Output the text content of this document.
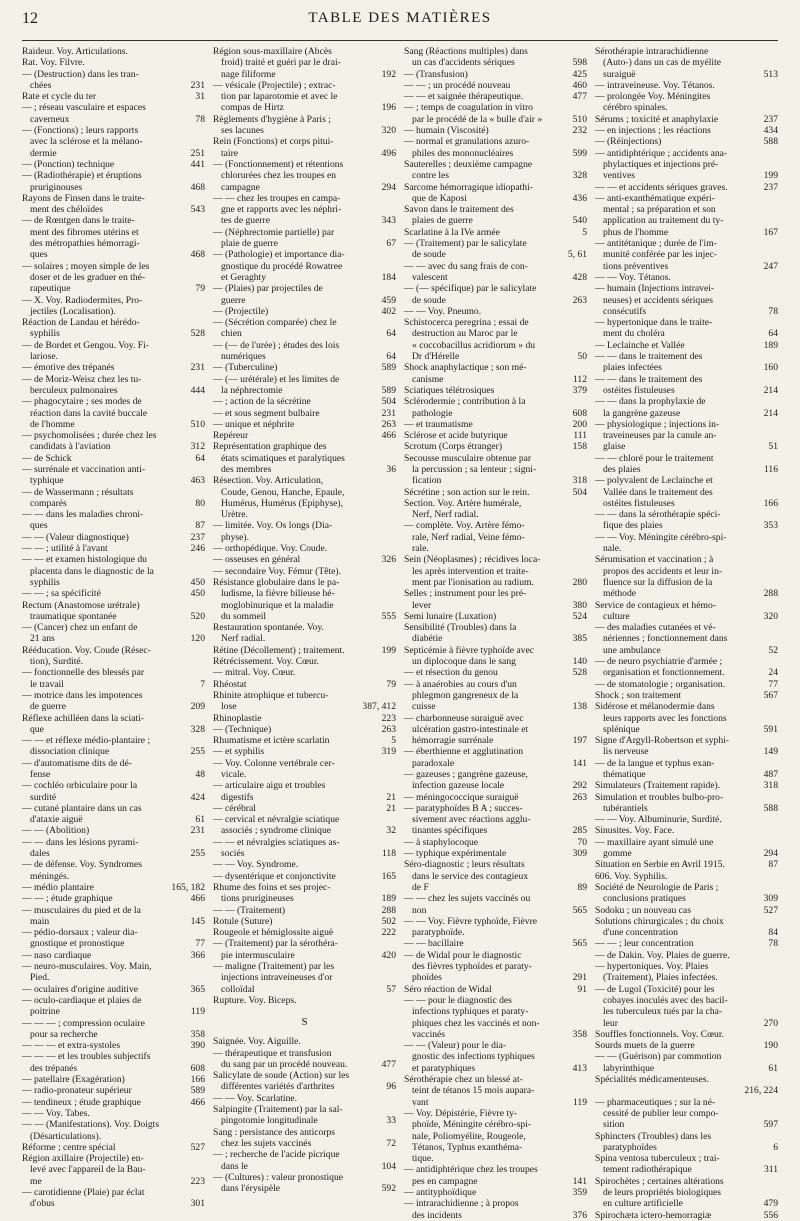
12	TABLE DES MATIÈRES
Raideur. Voy. Articulations.
Rat. Voy. Filvre.
— (Destruction) dans les tran-
chées	231
Rate et cycle du ter	31
— ; réseau vasculaire et espaces
caverneux	78
— (Fonctions) ; leurs rapports
avec la sclérose et la mélano-
dermie	251
— (Ponction) technique	441
— (Radiothérapie) et éruptions
pruriginouses	468
Rayons de Finsen dans le traite-
ment des chéloïdes	543
— de Rœntgen dans le traite-
ment des fibromes utérins et
des métropathies hémorragi-
ques	468
— solaires ; moyen simple de les
doser et de les graduer en thé-
rapeutique	79
— X. Voy. Radiodermites, Pro-
jectiles (Localisation).
Réaction de Landau et hérédo-
syphilis	528
— de Bordet et Gengou. Voy. Fi-
lariose.
— émotive des trépanés	231
— de Moriz-Weisz chez les tu-
berculeux pulmonaires	444
— phagocytaire ; ses modes de
réaction dans la cavité buccale
de l'homme	510
— psychomolisées ; durée chez les
candidats à l'aviation	312
— de Schick	64
— surrénale et vaccination anti-
typhique	463
— de Wassermann ; résultats
comparés	80
— — dans les maladies chroni-
ques	87
— — (Valeur diagnostique)	237
— — ; utilité à l'avant	246
— — et examen histologique du
placenta dans le diagnostic de la
syphilis	450
— — ; sa spécificité	450
Rectum (Anastomose urétrale)
traumatique spontanée	520
— (Cancer) chez un enfant de
21 ans	120
Rééducation. Voy. Coude (Résec-
tion), Surdité.
— fonctionnelle des blessés par
le travail	7
— motrice dans les impotences
de guerre	209
Réflexe achilléen dans la sciati-
que	328
— — et réflexe médio-plantaire ;
dissociation clinique	255
— d'automatisme dits de dé-
fense	48
— cochléo orbiculaire pour la
surdité	424
— cutané plantaire dans un cas
d'ataxie aiguë	61
— — (Abolition)	231
— — dans les lésions pyrami-
dales	255
— de défense. Voy. Syndromes
méningés.
— médio plantaire	165, 182
— — ; étude graphique	466
— musculaires du pied et de la
main	145
— pédio-dorsaux ; valeur dia-
gnostique et pronostique	77
— naso cardiaque	366
— neuro-musculaires. Voy. Main,
Pied.
— oculaires d'origine auditive	365
— oculo-cardiaque et plaies de
poitrine	119
— — — ; compression oculaire
pour sa recherche	358
— — — et extra-systoles	390
— — — et les troubles subjectifs
des trépanés	608
— patellaire (Exagération)	166
— radio-pronateur supérieur	589
— tendineux ; étude graphique	466
— — Voy. Tabes.
— — (Manifestations). Voy. Doigts
(Désarticulations).
Réforme ; centre spécial	527
Région axillaire (Projectile) en-
levé avec l'appareil de la Bau-
me	223
— carotidienne (Plaie) par éclat
d'obus	301
Région sous-maxillaire (Abcès
froid) traité et guéri par le drai-
nage filiforme	192
— vésicale (Projectile) ; extrac-
tion par laparotomie et avec le
compas de Hirtz	196
Règlements d'hygiène à Paris ;
ses lacunes	320
Rein (Fonctions) et corps pitui-
taire	496
— (Fonctionnement) et rétentions
chlorurées chez les troupes en
campagne	294
— — chez les troupes en campa-
gne et rapports avec les néphri-
tes de guerre	343
— (Néphrectomie partielle) par
plaie de guerre	67
— (Pathologie) et importance dia-
gnostique du procédé Rowatree
et Geraghty	184
— (Plaies) par projectiles de
guerre	459
— (Projectile)	402
— (Sécrétion comparée) chez le
chien	64
— (— de l'urée) ; études des lois
numériques	64
— (Tuberculine)	589
— (— urétérale) et les limites de
la néphrectomie	589
— ; action de la sécrétine	504
— et sous segment bulbaire	231
— unique et néphrite	263
Repéreur	466
Représentation graphique des
états scimatiques et paralytiques
des membres	36
Résection. Voy. Articulation,
Coude, Genou, Hanche, Epaule,
Humérus, Humérus (Epiphyse),
Urètre.
— limitée. Voy. Os longs (Dia-
physe).
— orthopédique. Voy. Coude.
— osseuses en général	326
— secondaire Voy. Fémur (Tête).
Résistance globulaire dans le pa-
ludisme, la fièvre bilieuse hé-
moglobinurique et la maladie
du sommeil	555
Restauration spontanée. Voy.
Nerf radial.
Rétine (Décollement) ; traitement.	199
Rétrécissement. Voy. Cœur.
— mitral. Voy. Cœur.
Rhéostat	79
Rhinite atrophique et tubercu-
lose	387, 412
Rhinoplastie	223
— (Technique)	263
Rhumatisme et ictère scarlatin	5
— et syphilis	319
— Voy. Colonne vertébrale cer-
vicale.
— articulaire aigu et troubles
digestifs	21
— cérébral	21
— cervical et névralgie sciatique
associés ; syndrome clinique	32
— — et névralgies sciatiques as-
sociés	118
— — Voy. Syndrome.
— dysentérique et conjonctivite	165
Rhume des foins et ses projec-
tions prurigineuses	189
— — (Traitement)	288
Rotule (Suture)	502
Rougeole et hémiglossite aiguë	222
— (Traitement) par la sérothéra-
pie intermusculaire	420
— maligne (Traitement) par les
injections intraveineuses d'or
colloïdal	57
Rupture. Voy. Biceps.
S
Saignée. Voy. Aiguille.
— thérapeutique et transfusion
du sang par un procédé nouveau.	477
Salicylate de soude (Action) sur les
différentes variétés d'arthrites	96
— — Voy. Scarlatine.
Salpingite (Traitement) par la sal-
pingotomie longitudinale	33
Sang : persistance des anticorps
chez les sujets vaccinés	72
— ; recherche de l'acide picrique
dans le	104
— (Cultures) : valeur pronostique
dans l'érysipèle	592
Sang (Réactions multiples) dans
un cas d'accidents sériques	598
— (Transfusion)	425
— — ; un procédé nouveau	460
— — et saignée thérapeutique.	477
— ; temps de coagulation in vitro
par le procédé de la « bulle d'air »	510
— humain (Viscosité)	232
— normal et granulations azuro-
philes des mononucléaires	599
Sauterelles ; deuxième campagne
contre les	328
Sarcome hémorragique idiopathi-
que de Kaposi	436
Savon dans le traitement des
plaies de guerre	540
Scarlatine à la IVe armée	5
— (Traitement) par le salicylate
de soude	5, 61
— — avec du sang frais de con-
valescent	428
— (— spécifique) par le salicylate
de soude	263
— — Voy. Pneumo.
Schistocerca peregrina ; essai de
destruction au Maroc par le
« coccobacillus acridiorum » du
Dr d'Hérelle	50
Shock anaphylactique ; son mé-
canisme	112
Sciatiques télétrosiques	379
Sclérodermie ; contribution à la
pathologie	608
— et traumatisme	200
Sclérose et acide butyrique	111
Scrotum (Corps étranger)	158
Secousse musculaire obtenue par
la percussion ; sa lenteur ; signi-
fication	318
Sécrétine ; son action sur le rein.	504
Section. Voy. Artère humérale,
Nerf, Nerf radial.
— complète. Voy. Artère fémo-
rale, Nerf radial, Veine fémo-
rale.
Sein (Néoplasmes) ; récidives loca-
les après intervention et traite-
ment par l'ionisation au radium.	280
Selles ; instrument pour les pré-
lever	380
Semi lunaire (Luxation)	524
Sensibilité (Troubles) dans la
diabétie	385
Septicémie à fièvre typhoïde avec
un diplocoque dans le sang	140
— et résection du genou	528
— à anaérobies au cours d'un
phlegmon gangreneux de la
cuisse	138
— charbonneuse suraiguë avec
ulcération gastro-intestinale et
hémorragie surrénale	197
— éberthienne et agglutination
paradoxale	141
— gazeuses ; gangrène gazeuse,
infection gazeuse locale	292
— méningococcique suraiguë	263
— paratyphoïdes B A ; succes-
sivement avec réactions agglu-
tinantes spécifiques	285
— à staphylocoque	70
— typhique expérimentale	309
Séro-diagnostic ; leurs résultats
dans le service des contagieux
de F	89
— — chez les sujets vaccinés ou
non	565
— — Voy. Fièvre typhoïde, Fièvre
paratyphoïde.
— — bacillaire	565
— de Widal pour le diagnostic
des fièvres typhoïdes et paraty-
phoïdes	291
Séro réaction de Widal	91
— — pour le diagnostic des
infections typhiques et paraty-
phiques chez les vaccinés et non-
vaccinés	358
— — (Valeur) pour le dia-
gnostic des infections typhiques
et paratyphiques	413
Sérothérapie chez un blessé at-
teint de tétanos 15 mois aupara-
vant	119
— Voy. Dépistérie, Fièvre ty-
phoïde, Méningite cérébro-spi-
nale, Poliomyélite, Rougeole,
Tétanos, Typhus exanthéma-
tique.
— antidiphtérique chez les troupes
pes en campagne	141
— antityphoïdique	359
— intrarachidienne ; à propos
des incidents	376
Sérothérapie intrarachidienne
(Auto-) dans un cas de myélite
suraiguë	513
— intraveineuse. Voy. Tétanos.
— prolongée Voy. Méningites
cérébro spinales.
Sérums ; toxicité et anaphylaxie	237
— en injections ; les réactions	434
— (Réinjections)	588
— antidiphtérique ; accidents ana-
phylactiques et injections pré-
ventives	199
— — et accidents sériques graves.	237
— anti-exanthématique expéri-
mental ; sa préparation et son
application au traitement du ty-
phus de l'homme	167
— antitétanique ; durée de l'im-
munité conférée par les injec-
tions préventives	247
— — Voy. Tétanos.
— humain (Injections intravei-
neuses) et accidents sériques
consécutifs	78
— hypertonique dans le traite-
ment du choléra	64
— Leclainche et Vallée	189
— — dans le traitement des
plaies infectées	160
— — dans le traitement des
ostéites fistuleuses	214
— — dans la prophylaxie de
la gangrène gazeuse	214
— physiologique ; injections in-
traveineuses par la canule an-
glaise	51
— — chloré pour le traitement
des plaies	116
— polyvalent de Leclainche et
Vallée dans le traitement des
ostéites fistuleuses	166
— — dans la sérothérapie spéci-
fique des plaies	353
— — Voy. Méningite cérébro-spi-
nale.
Sérumisation et vaccination ; à
propos des accidents et leur in-
fluence sur la diffusion de la
méthode	288
Service de contagieux et hémo-
culture	320
— des maladies cutanées et vé-
nériennes ; fonctionnement dans
une ambulance	52
— de neuro psychiatrie d'armée ;
organisation et fonctionnement.	24
— de stomatologie ; organisation.	77
Shock ; son traitement	567
Sidérose et mélanodermie dans
leurs rapports avec les fonctions
splénique	591
Signe d'Argyll-Robertson et syphi-
lis nerveuse	149
— de la langue et typhus exan-
thématique	487
Simulateurs (Traitement rapide).	318
Simulation et troubles bulbo-pro-
tubérantiels	588
— — Voy. Albuminurie, Surdité.
Sinusites. Voy. Face.
— maxillaire ayant simulé une
gomme	294
Situation en Serbie en Avril 1915.	87
606. Voy. Syphilis.
Société de Neurologie de Paris ;
conclusions pratiques	309
Sodoku ; un nouveau cas	527
Solutions chirurgicales ; du choix
d'une concentration	84
— — ; leur concentration	78
— de Dakin. Voy. Plaies de guerre.
— hypertoniques. Voy. Plaies
(Traitement), Plaies infectées.
— de Lugol (Toxicité) pour les
cobayes inoculés avec des bacil-
les tuberculeux tués par la cha-
leur	270
Souffles fonctionnels. Voy. Cœur.
Sourds muets de la guerre	190
— — (Guérison) par commotion
labyrinthique	61
Spécialités médicamenteuses.
216, 224
— pharmaceutiques ; sur la né-
cessité de publier leur compo-
sition	597
Sphincters (Troubles) dans les
paratyphoïdes	6
Spina ventosa tuberculeux ; trai-
tement radiothérapique	311
Spirochètes ; certaines altérations
de leurs propriétés biologiques
en culture artificielle	479
Spirochæta ictero-hemorragiæ	556
